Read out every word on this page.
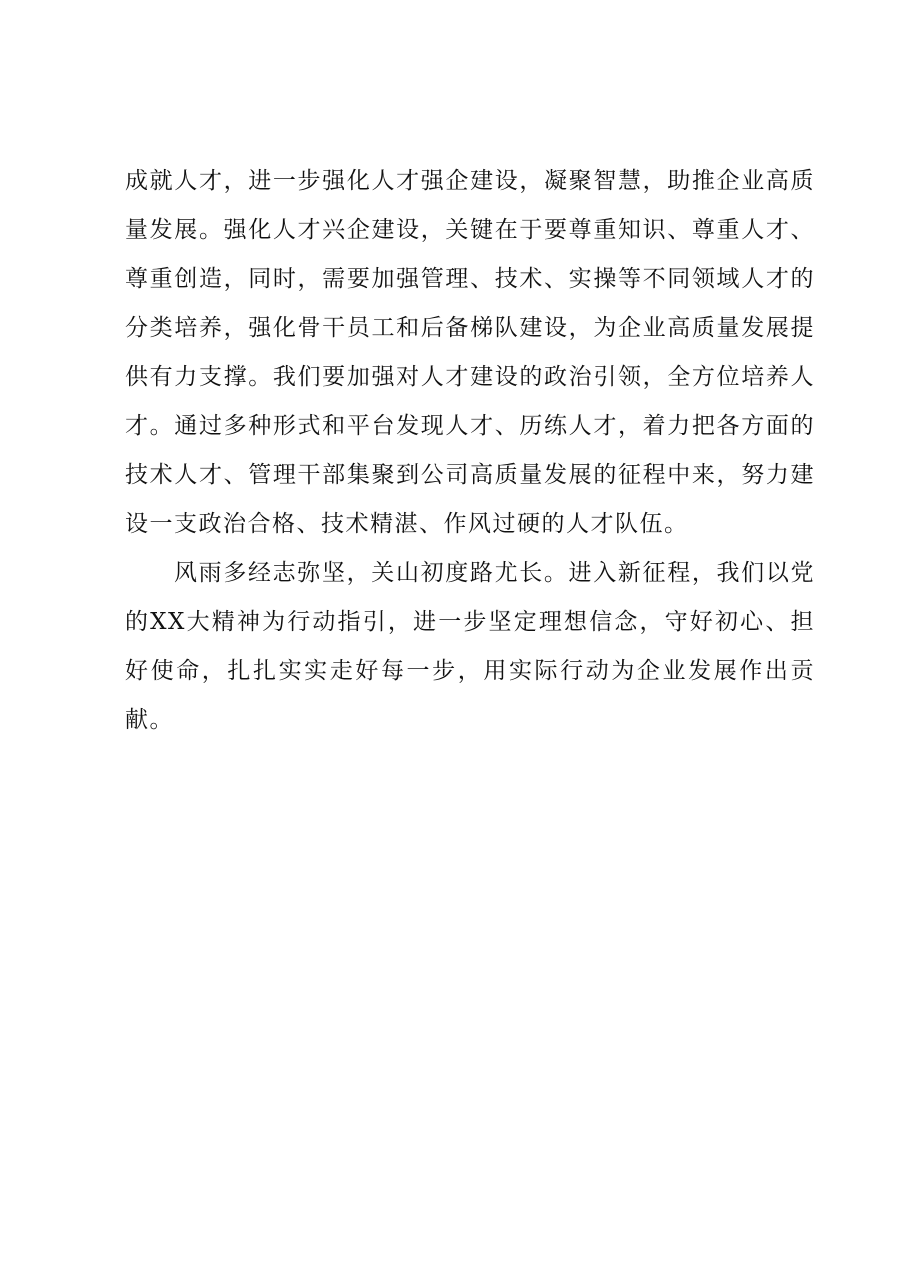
成就人才，进一步强化人才强企建设，凝聚智慧，助推企业高质量发展。强化人才兴企建设，关键在于要尊重知识、尊重人才、尊重创造，同时，需要加强管理、技术、实操等不同领域人才的分类培养，强化骨干员工和后备梯队建设，为企业高质量发展提供有力支撑。我们要加强对人才建设的政治引领，全方位培养人才。通过多种形式和平台发现人才、历练人才，着力把各方面的技术人才、管理干部集聚到公司高质量发展的征程中来，努力建设一支政治合格、技术精湛、作风过硬的人才队伍。

风雨多经志弥坚，关山初度路尤长。进入新征程，我们以党的XX大精神为行动指引，进一步坚定理想信念，守好初心、担好使命，扎扎实实走好每一步，用实际行动为企业发展作出贡献。
